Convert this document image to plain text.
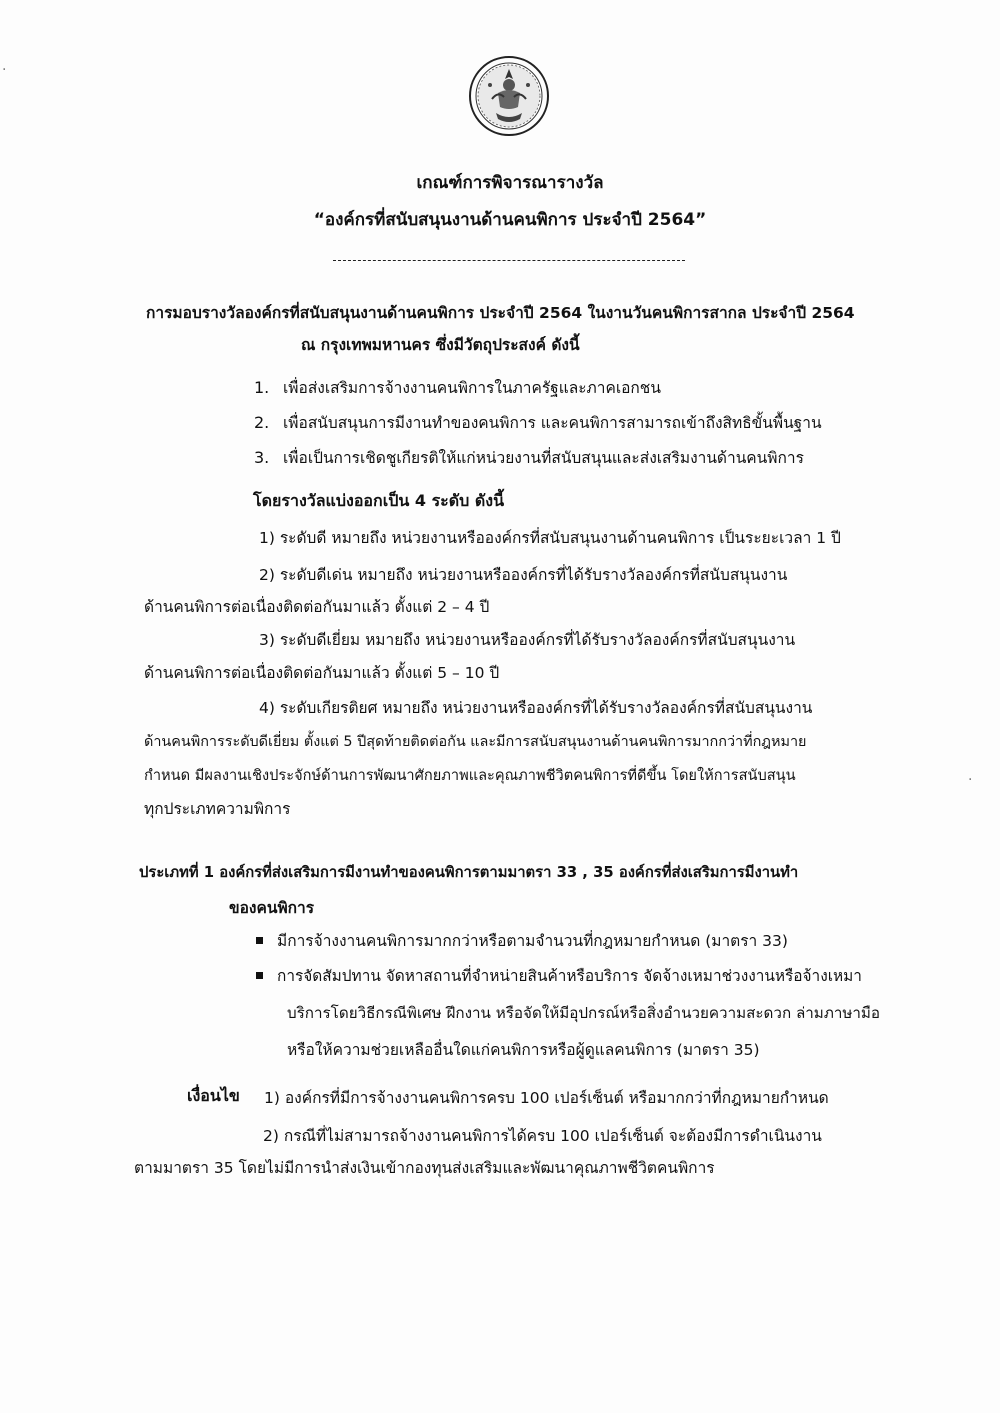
เกณฑ์การพิจารณารางวัล
“องค์กรที่สนับสนุนงานด้านคนพิการ ประจำปี 2564”
การมอบรางวัลองค์กรที่สนับสนุนงานด้านคนพิการ ประจำปี 2564 ในงานวันคนพิการสากล ประจำปี 2564
ณ กรุงเทพมหานคร ซึ่งมีวัตถุประสงค์ ดังนี้
1. เพื่อส่งเสริมการจ้างงานคนพิการในภาครัฐและภาคเอกชน
2. เพื่อสนับสนุนการมีงานทำของคนพิการ และคนพิการสามารถเข้าถึงสิทธิขั้นพื้นฐาน
3. เพื่อเป็นการเชิดชูเกียรติให้แก่หน่วยงานที่สนับสนุนและส่งเสริมงานด้านคนพิการ
โดยรางวัลแบ่งออกเป็น 4 ระดับ ดังนี้
1) ระดับดี หมายถึง หน่วยงานหรือองค์กรที่สนับสนุนงานด้านคนพิการ เป็นระยะเวลา 1 ปี
2) ระดับดีเด่น หมายถึง หน่วยงานหรือองค์กรที่ได้รับรางวัลองค์กรที่สนับสนุนงาน
ด้านคนพิการต่อเนื่องติดต่อกันมาแล้ว ตั้งแต่ 2 – 4 ปี
3) ระดับดีเยี่ยม หมายถึง หน่วยงานหรือองค์กรที่ได้รับรางวัลองค์กรที่สนับสนุนงาน
ด้านคนพิการต่อเนื่องติดต่อกันมาแล้ว ตั้งแต่ 5 – 10 ปี
4) ระดับเกียรติยศ หมายถึง หน่วยงานหรือองค์กรที่ได้รับรางวัลองค์กรที่สนับสนุนงาน
ด้านคนพิการระดับดีเยี่ยม ตั้งแต่ 5 ปีสุดท้ายติดต่อกัน และมีการสนับสนุนงานด้านคนพิการมากกว่าที่กฎหมาย
กำหนด มีผลงานเชิงประจักษ์ด้านการพัฒนาศักยภาพและคุณภาพชีวิตคนพิการที่ดีขึ้น โดยให้การสนับสนุน
ทุกประเภทความพิการ
ประเภทที่ 1 องค์กรที่ส่งเสริมการมีงานทำของคนพิการตามมาตรา 33 , 35 องค์กรที่ส่งเสริมการมีงานทำ
ของคนพิการ
มีการจ้างงานคนพิการมากกว่าหรือตามจำนวนที่กฎหมายกำหนด (มาตรา 33)
การจัดสัมปทาน จัดหาสถานที่จำหน่ายสินค้าหรือบริการ จัดจ้างเหมาช่วงงานหรือจ้างเหมา
บริการโดยวิธีกรณีพิเศษ ฝึกงาน หรือจัดให้มีอุปกรณ์หรือสิ่งอำนวยความสะดวก ล่ามภาษามือ
หรือให้ความช่วยเหลืออื่นใดแก่คนพิการหรือผู้ดูแลคนพิการ (มาตรา 35)
เงื่อนไข 1) องค์กรที่มีการจ้างงานคนพิการครบ 100 เปอร์เซ็นต์ หรือมากกว่าที่กฎหมายกำหนด
2) กรณีที่ไม่สามารถจ้างงานคนพิการได้ครบ 100 เปอร์เซ็นต์ จะต้องมีการดำเนินงาน
ตามมาตรา 35 โดยไม่มีการนำส่งเงินเข้ากองทุนส่งเสริมและพัฒนาคุณภาพชีวิตคนพิการ
·
·
